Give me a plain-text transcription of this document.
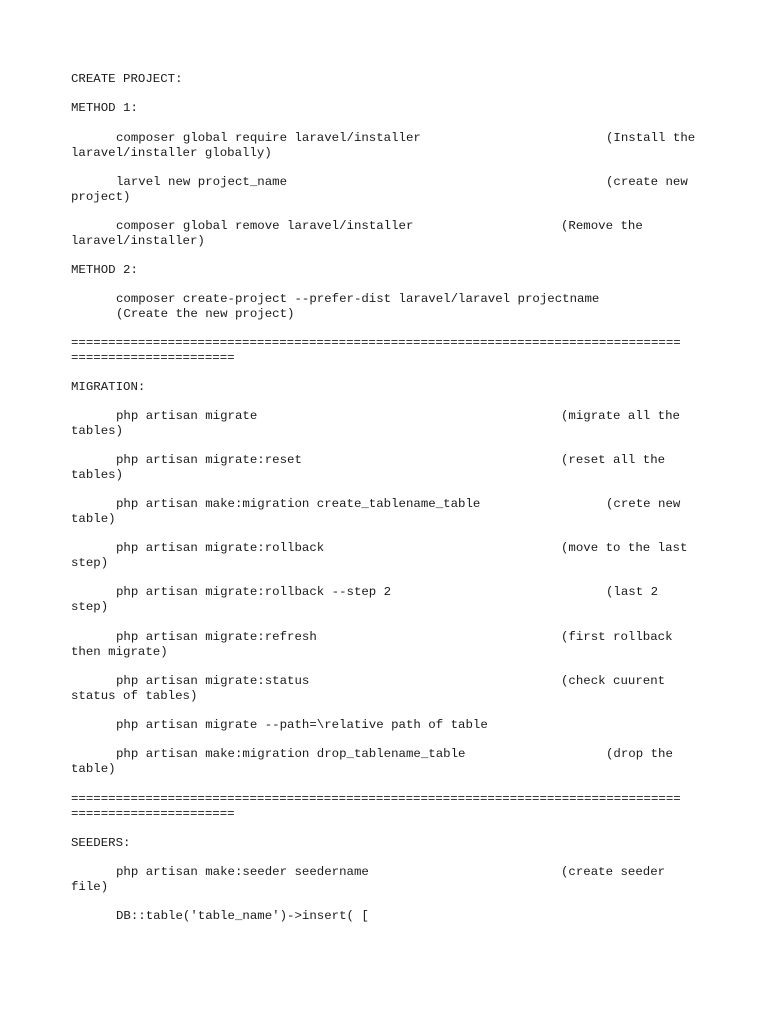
CREATE PROJECT:
METHOD 1:
composer global require laravel/installer	(Install the
laravel/installer globally)
larvel new project_name	(create new
project)
composer global remove laravel/installer	(Remove the
laravel/installer)
METHOD 2:
composer create-project --prefer-dist laravel/laravel projectname
(Create the new project)
==================================================================================
======================
MIGRATION:
php artisan migrate	(migrate all the
tables)
php artisan migrate:reset	(reset all the
tables)
php artisan make:migration create_tablename_table	(crete new
table)
php artisan migrate:rollback	(move to the last
step)
php artisan migrate:rollback --step 2	(last 2
step)
php artisan migrate:refresh	(first rollback
then migrate)
php artisan migrate:status	(check cuurent
status of tables)
php artisan migrate --path=\relative path of table
php artisan make:migration drop_tablename_table	(drop the
table)
==================================================================================
======================
SEEDERS:
php artisan make:seeder seedername	(create seeder
file)
DB::table('table_name')->insert( [
